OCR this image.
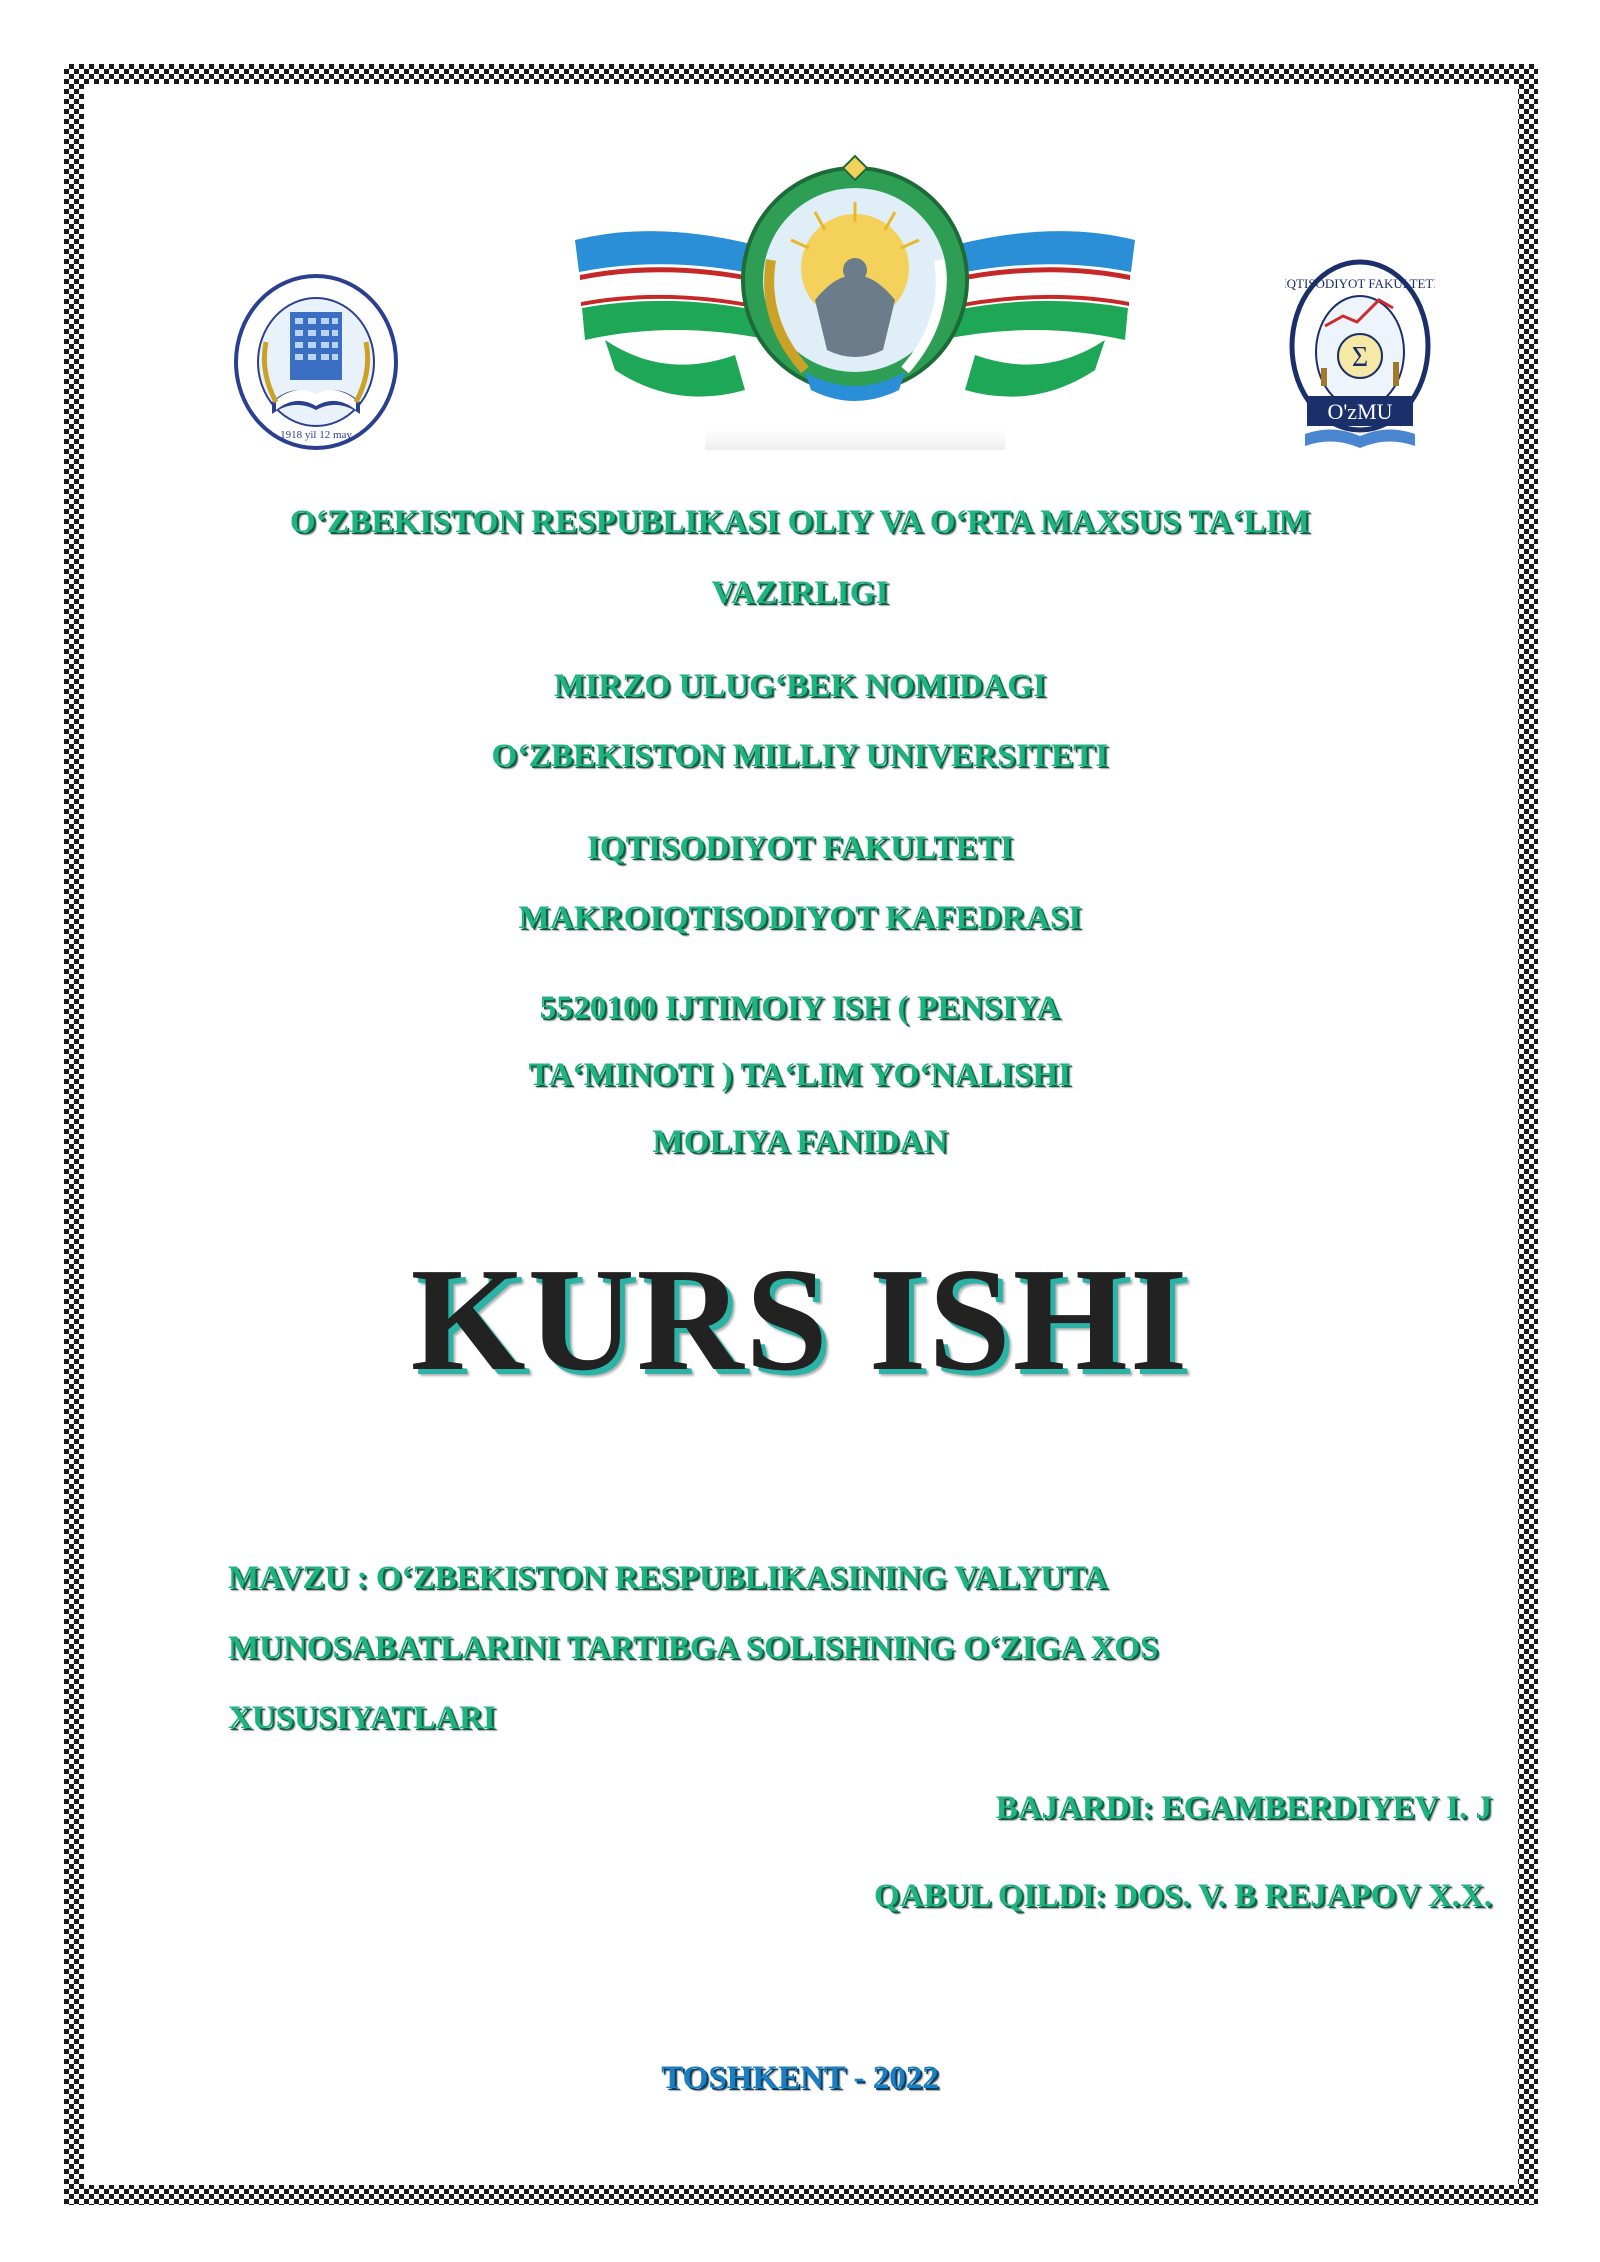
1918 yil 12 may
IQTISODIYOT FAKULTETI
Σ
O'zMU
O‘ZBEKISTON RESPUBLIKASI OLIY VA O‘RTA MAXSUS TA‘LIM
VAZIRLIGI
MIRZO ULUG‘BEK NOMIDAGI
O‘ZBEKISTON MILLIY UNIVERSITETI
IQTISODIYOT FAKULTETI
MAKROIQTISODIYOT KAFEDRASI
5520100 IJTIMOIY ISH ( PENSIYA
TA‘MINOTI ) TA‘LIM YO‘NALISHI
MOLIYA FANIDAN
KURS ISHI
MAVZU : O‘ZBEKISTON RESPUBLIKASINING VALYUTA
MUNOSABATLARINI TARTIBGA SOLISHNING O‘ZIGA XOS
XUSUSIYATLARI
BAJARDI: EGAMBERDIYEV I. J
QABUL QILDI: DOS. V. B REJAPOV X.X.
TOSHKENT - 2022
